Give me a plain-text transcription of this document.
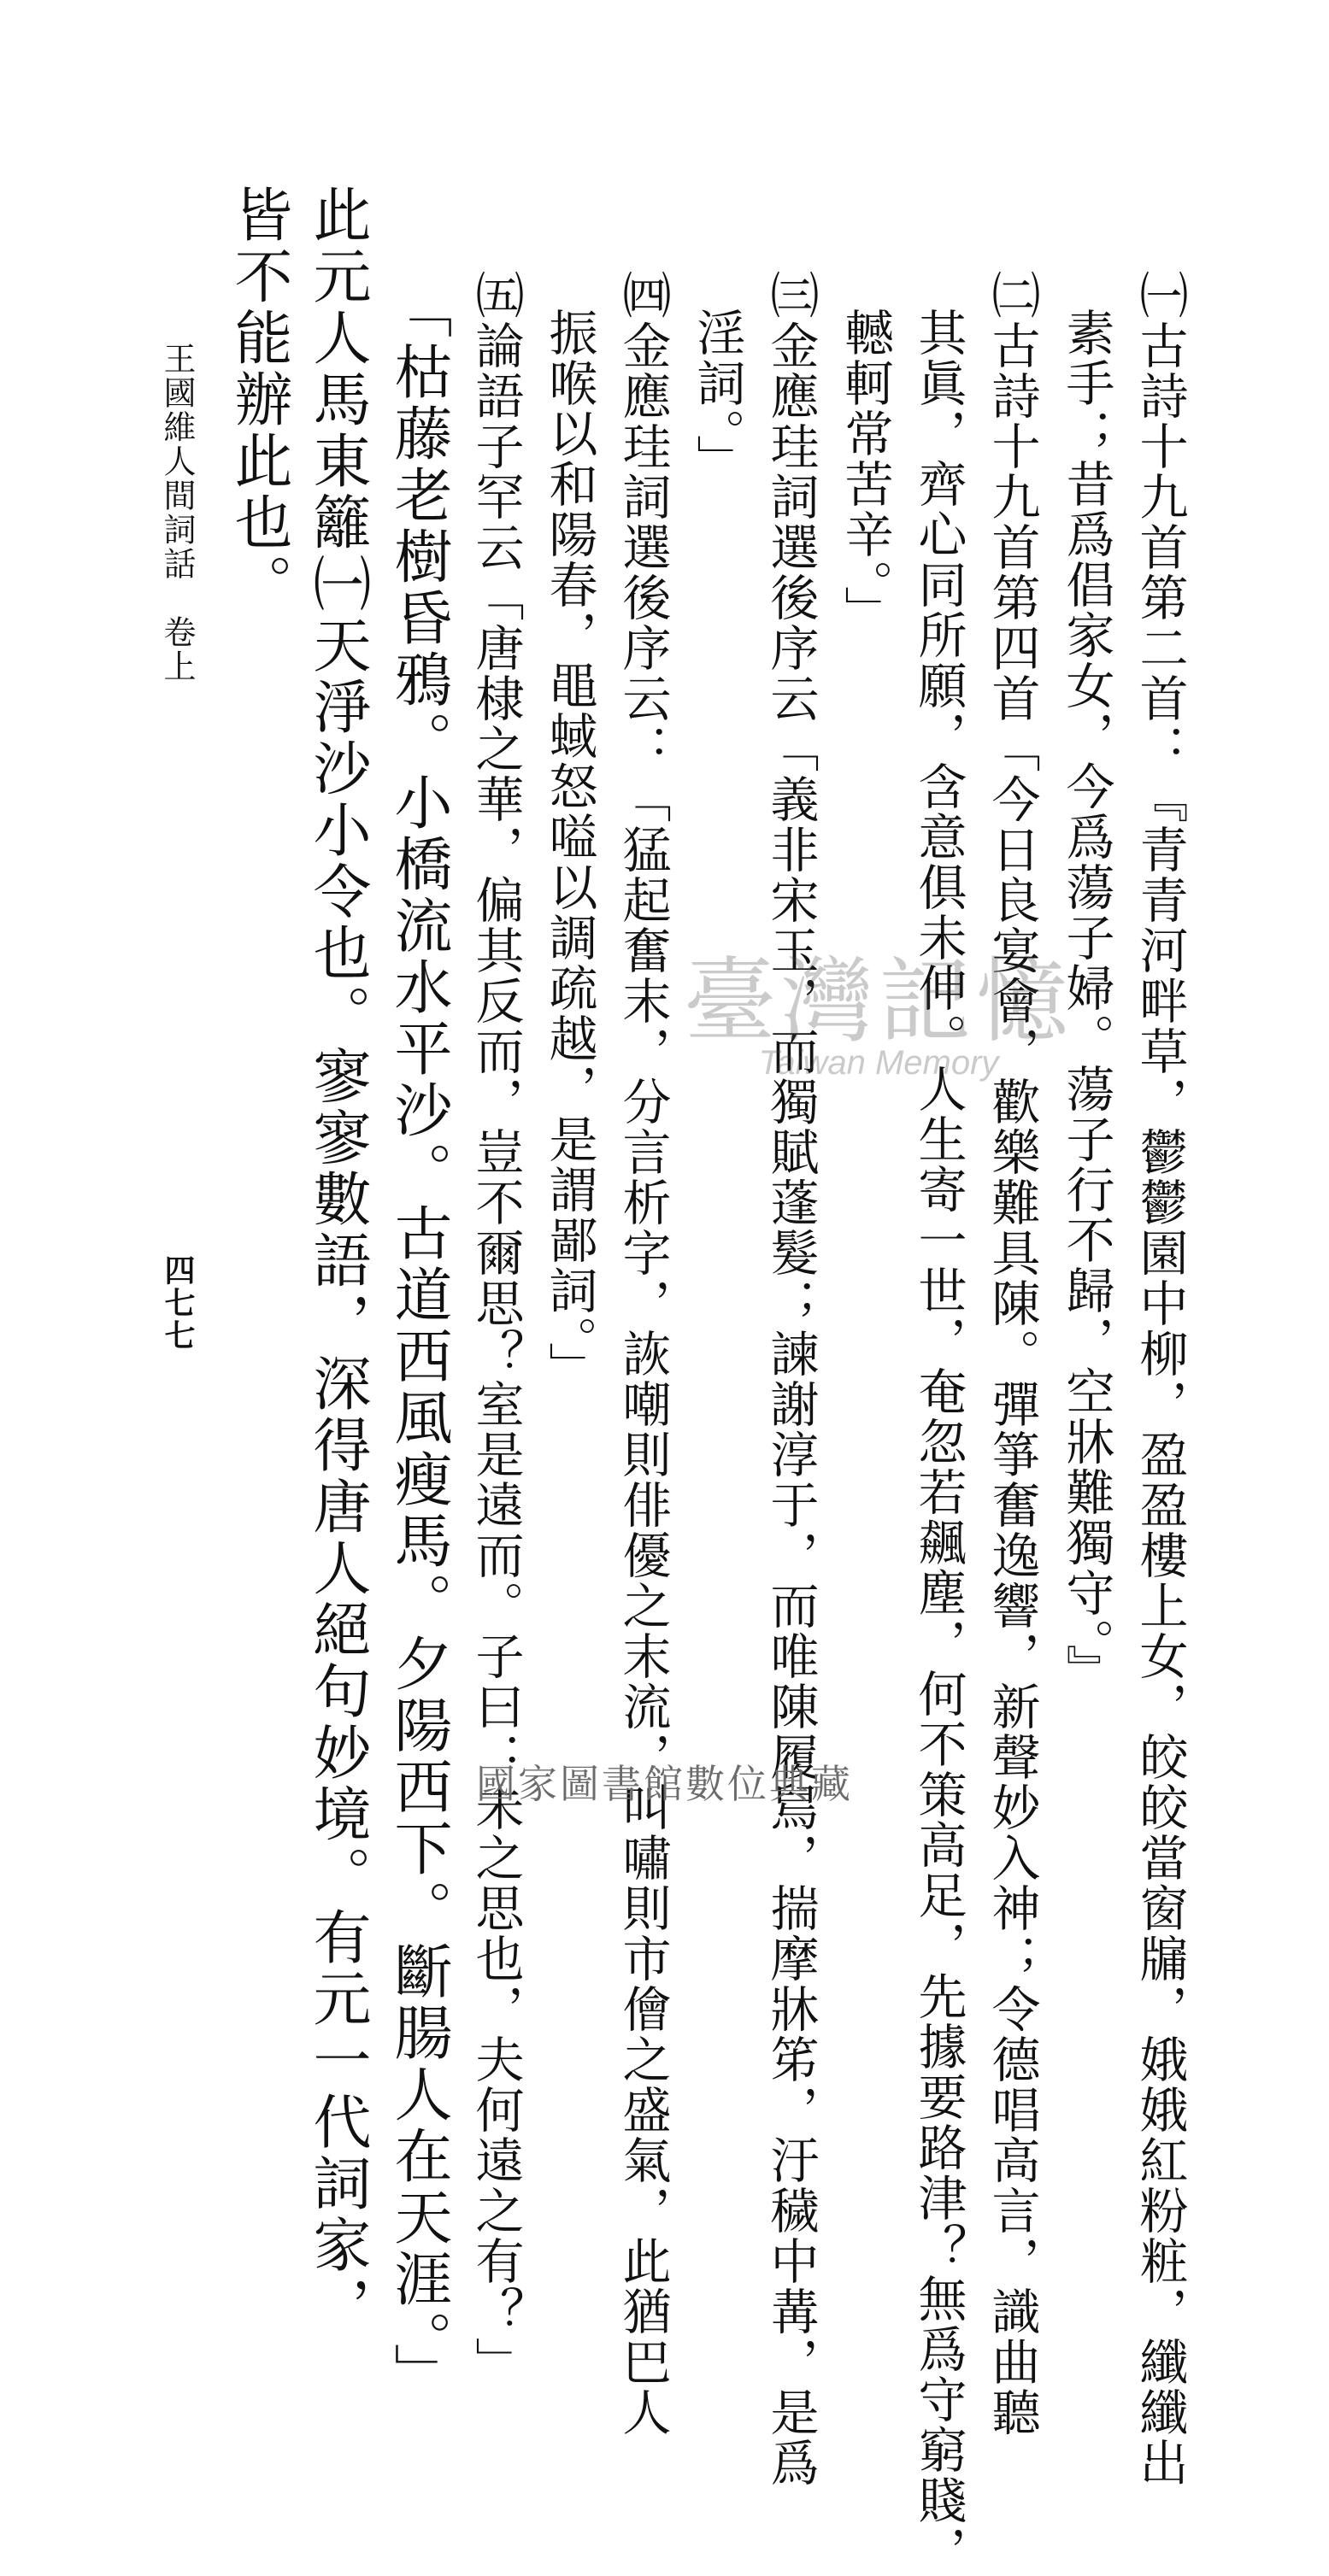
㈠古詩十九首第二首：『青青河畔草，鬱鬱園中柳，盈盈樓上女，皎皎當窗牖，娥娥紅粉粧，纖纖出
素手；昔爲倡家女，今爲蕩子婦。蕩子行不歸，空牀難獨守。』
㈡古詩十九首第四首「今日良宴會，歡樂難具陳。彈箏奮逸響，新聲妙入神；令德唱高言，識曲聽
其眞，齊心同所願，含意俱未伸。人生寄一世，奄忽若飆塵，何不策高足，先據要路津？無爲守窮賤，
轗軻常苦辛。」
㈢金應珪詞選後序云「義非宋玉，而獨賦蓬髮；諫謝淳于，而唯陳履舃，揣摩牀笫，汙穢中冓，是爲
淫詞。」
㈣金應珪詞選後序云：「猛起奮末，分言析字，詼嘲則俳優之末流，叫嘯則市儈之盛氣，此猶巴人
振喉以和陽春，黽蜮怒嗌以調疏越，是謂鄙詞。」
㈤論語子罕云「唐棣之華，偏其反而，豈不爾思？室是遠而。子曰：未之思也，夫何遠之有？」
「枯藤老樹昏鴉。小橋流水平沙。古道西風瘦馬。夕陽西下。斷腸人在天涯。」
此元人馬東籬㈠天淨沙小令也。寥寥數語，深得唐人絕句妙境。有元一代詞家，
皆不能辦此也。
王國維人間詞話　卷上
四七七
臺灣記憶
Taiwan Memory
國家圖書館數位典藏
